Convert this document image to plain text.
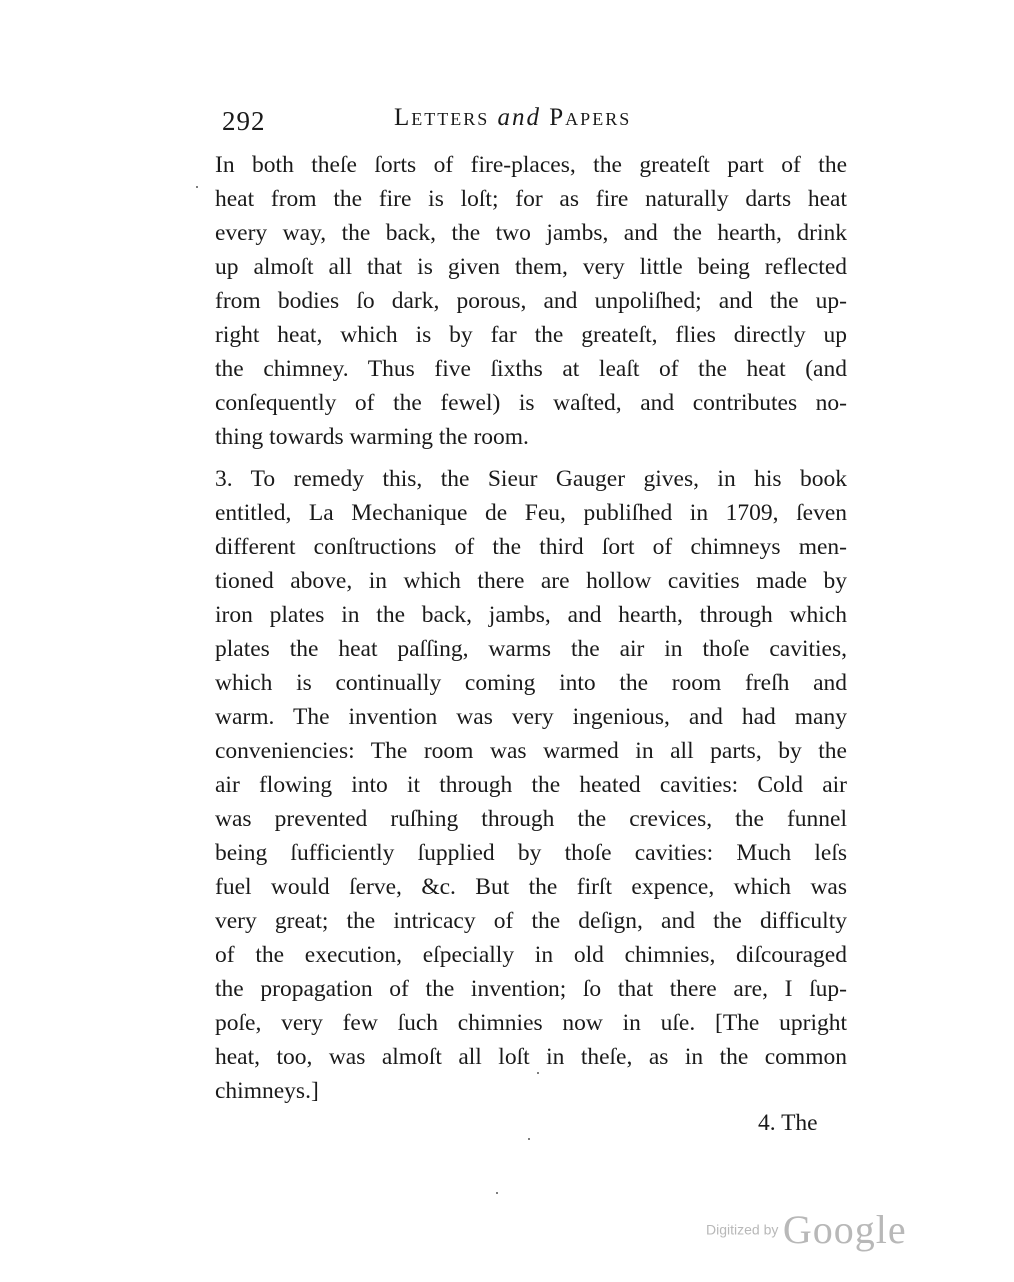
292	Letters and Papers
In both theſe ſorts of fire-places, the greateſt part of the
heat from the fire is loſt; for as fire naturally darts heat
every way, the back, the two jambs, and the hearth, drink
up almoſt all that is given them, very little being reflected
from bodies ſo dark, porous, and unpoliſhed; and the up-
right heat, which is by far the greateſt, flies directly up
the chimney. Thus five ſixths at leaſt of the heat (and
conſequently of the fewel) is waſted, and contributes no-
thing towards warming the room.
3. To remedy this, the Sieur Gauger gives, in his book
entitled, La Mechanique de Feu, publiſhed in 1709, ſeven
different conſtructions of the third ſort of chimneys men-
tioned above, in which there are hollow cavities made by
iron plates in the back, jambs, and hearth, through which
plates the heat paſſing, warms the air in thoſe cavities,
which is continually coming into the room freſh and
warm. The invention was very ingenious, and had many
conveniencies: The room was warmed in all parts, by the
air flowing into it through the heated cavities: Cold air
was prevented ruſhing through the crevices, the funnel
being ſufficiently ſupplied by thoſe cavities: Much leſs
fuel would ſerve, &c. But the firſt expence, which was
very great; the intricacy of the deſign, and the difficulty
of the execution, eſpecially in old chimnies, diſcouraged
the propagation of the invention; ſo that there are, I ſup-
poſe, very few ſuch chimnies now in uſe. [The upright
heat, too, was almoſt all loſt in theſe, as in the common
chimneys.]
4. The
Digitized by Google
